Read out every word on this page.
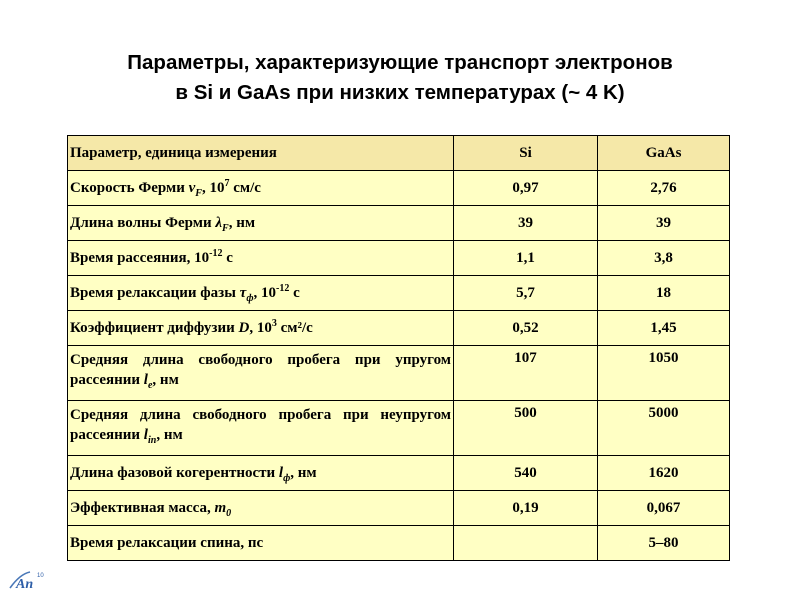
Параметры, характеризующие транспорт электронов
в Si и GaAs при низких температурах (~ 4 K)
Параметр, единица измерения	Si	GaAs
Скорость Ферми $v_F$, $10^7$ см/с	0,97	2,76
Длина волны Ферми $\lambda_F$, нм	39	39
Время рассеяния, $10^{-12}$ с	1,1	3,8
Время релаксации фазы $\tau_ф$, $10^{-12}$ с	5,7	18
Коэффициент диффузии D, $10^3$ см²/с	0,52	1,45
Средняя длина свободного пробега при упругом рассеянии $l_e$, нм	107	1050
Средняя длина свободного пробега при неупругом рассеянии $l_{in}$, нм	500	5000
Длина фазовой когерентности $l_ф$, нм	540	1620
Эффективная масса, $m_0$	0,19	0,067
Время релаксации спина, пс		5–80
An
10
